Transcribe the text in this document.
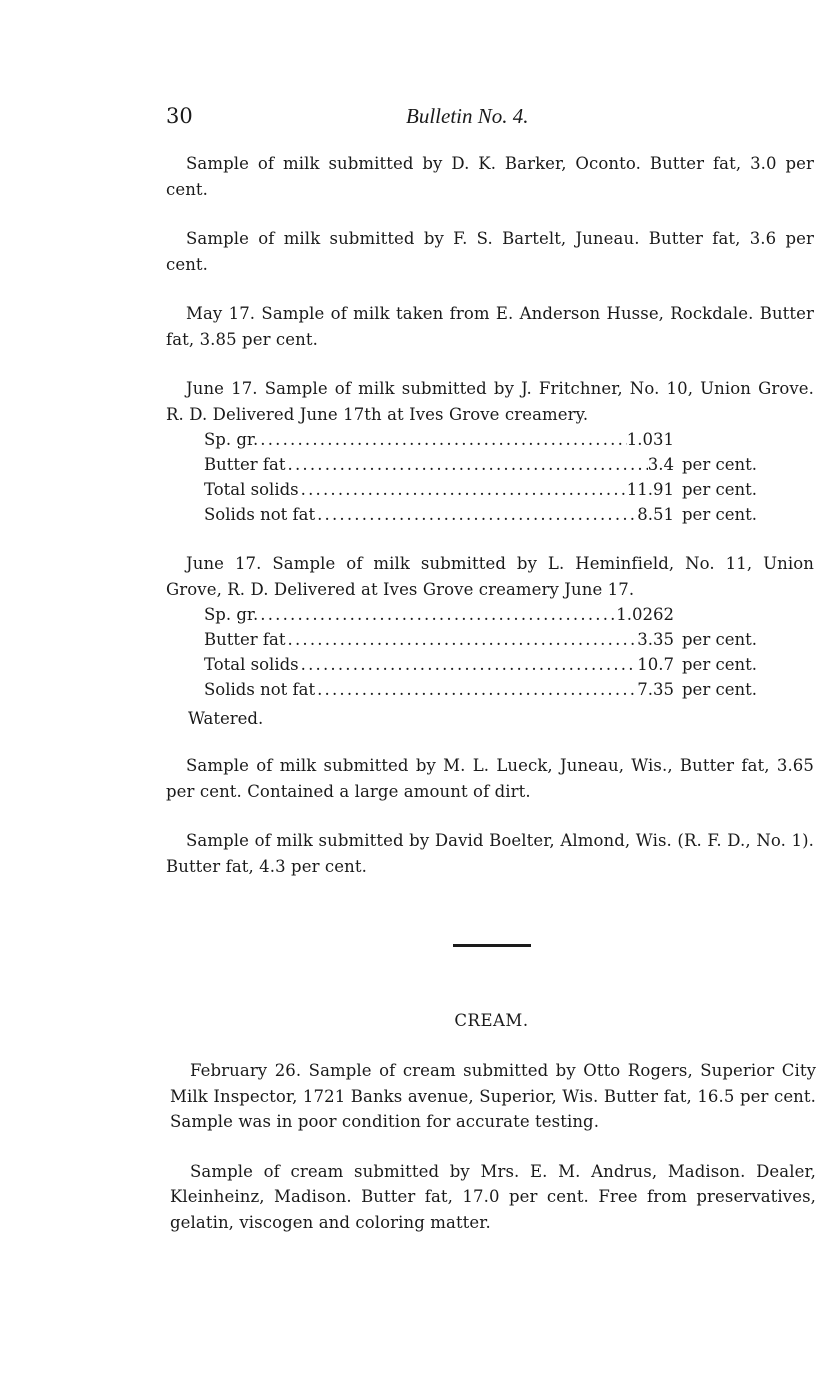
30	Bulletin No. 4.

Sample of milk submitted by D. K. Barker, Oconto. Butter fat, 3.0 per cent.

Sample of milk submitted by F. S. Bartelt, Juneau. Butter fat, 3.6 per cent.

May 17. Sample of milk taken from E. Anderson Husse, Rockdale. Butter fat, 3.85 per cent.

June 17. Sample of milk submitted by J. Fritchner, No. 10, Union Grove. R. D. Delivered June 17th at Ives Grove creamery.

Sp. gr. .....	1.031
Butter fat .....	3.4 per cent.
Total solids .....	11.91 per cent.
Solids not fat .....	8.51 per cent.

June 17. Sample of milk submitted by L. Heminfield, No. 11, Union Grove, R. D. Delivered at Ives Grove creamery June 17.

Sp. gr. .....	1.0262
Butter fat .....	3.35 per cent.
Total solids .....	10.7 per cent.
Solids not fat .....	7.35 per cent.

Watered.

Sample of milk submitted by M. L. Lueck, Juneau, Wis., Butter fat, 3.65 per cent. Contained a large amount of dirt.

Sample of milk submitted by David Boelter, Almond, Wis. (R. F. D., No. 1). Butter fat, 4.3 per cent.

CREAM.

February 26. Sample of cream submitted by Otto Rogers, Superior City Milk Inspector, 1721 Banks avenue, Superior, Wis. Butter fat, 16.5 per cent. Sample was in poor condition for accurate testing.

Sample of cream submitted by Mrs. E. M. Andrus, Madison. Dealer, Kleinheinz, Madison. Butter fat, 17.0 per cent. Free from preservatives, gelatin, viscogen and coloring matter.
